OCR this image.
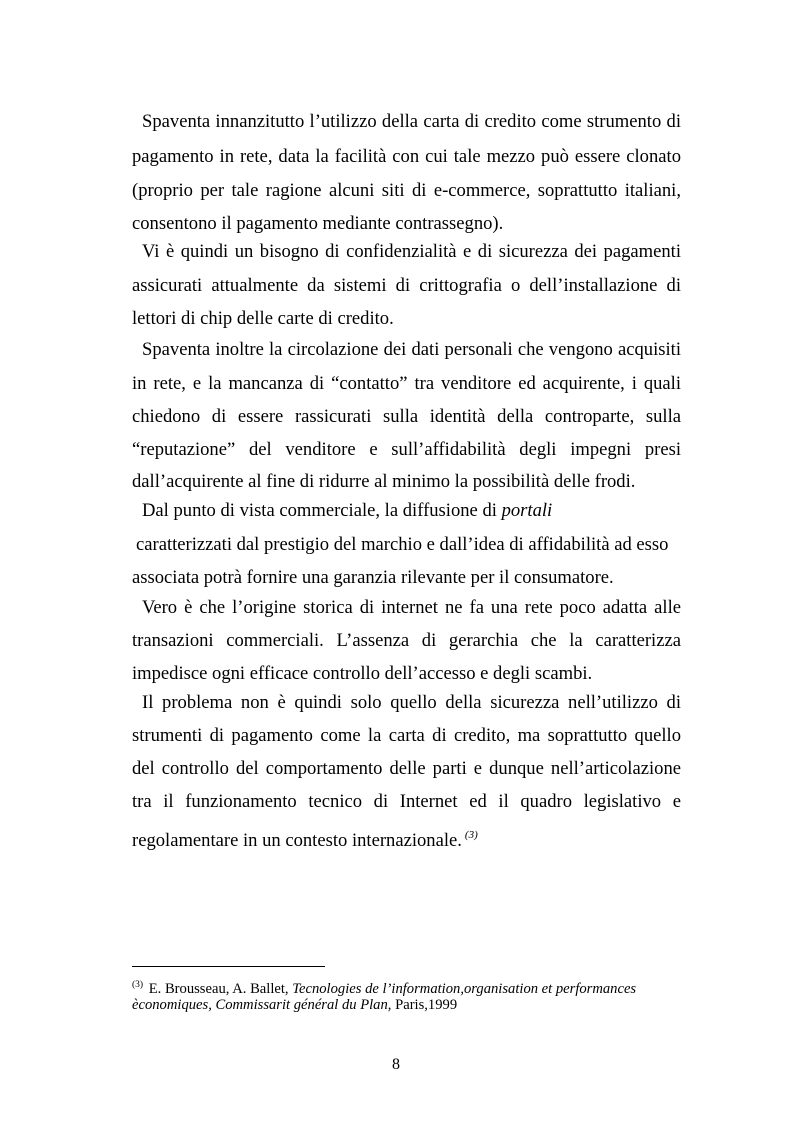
Spaventa innanzitutto l’utilizzo della carta di credito come strumento di
pagamento in rete, data la facilità con cui tale mezzo può essere clonato
(proprio per tale ragione alcuni siti di e-commerce, soprattutto italiani,
consentono il pagamento mediante contrassegno).
Vi è quindi un bisogno di confidenzialità e di sicurezza dei pagamenti
assicurati attualmente da sistemi di crittografia o dell’installazione di
lettori di chip delle carte di credito.
Spaventa inoltre la circolazione dei dati personali che vengono acquisiti
in rete, e la mancanza di “contatto” tra venditore ed acquirente, i quali
chiedono di essere rassicurati sulla identità della controparte, sulla
“reputazione” del venditore e sull’affidabilità degli impegni presi
dall’acquirente al fine di ridurre al minimo la possibilità delle frodi.
Dal punto di vista commerciale, la diffusione di portali
caratterizzati dal prestigio del marchio e dall’idea di affidabilità ad esso
associata potrà fornire una garanzia rilevante per il consumatore.
Vero è che l’origine storica di internet ne fa una rete poco adatta alle
transazioni commerciali. L’assenza di gerarchia che la caratterizza
impedisce ogni efficace controllo dell’accesso e degli scambi.
Il problema non è quindi solo quello della sicurezza nell’utilizzo di
strumenti di pagamento come la carta di credito, ma soprattutto quello
del controllo del comportamento delle parti e dunque nell’articolazione
tra il funzionamento tecnico di Internet ed il quadro legislativo e
regolamentare in un contesto internazionale. $^{(3)}$
$^{(3)}$ E. Brousseau, A. Ballet, Tecnologies de l’information,organisation et performances
èconomiques, Commissarit général du Plan, Paris,1999
8
